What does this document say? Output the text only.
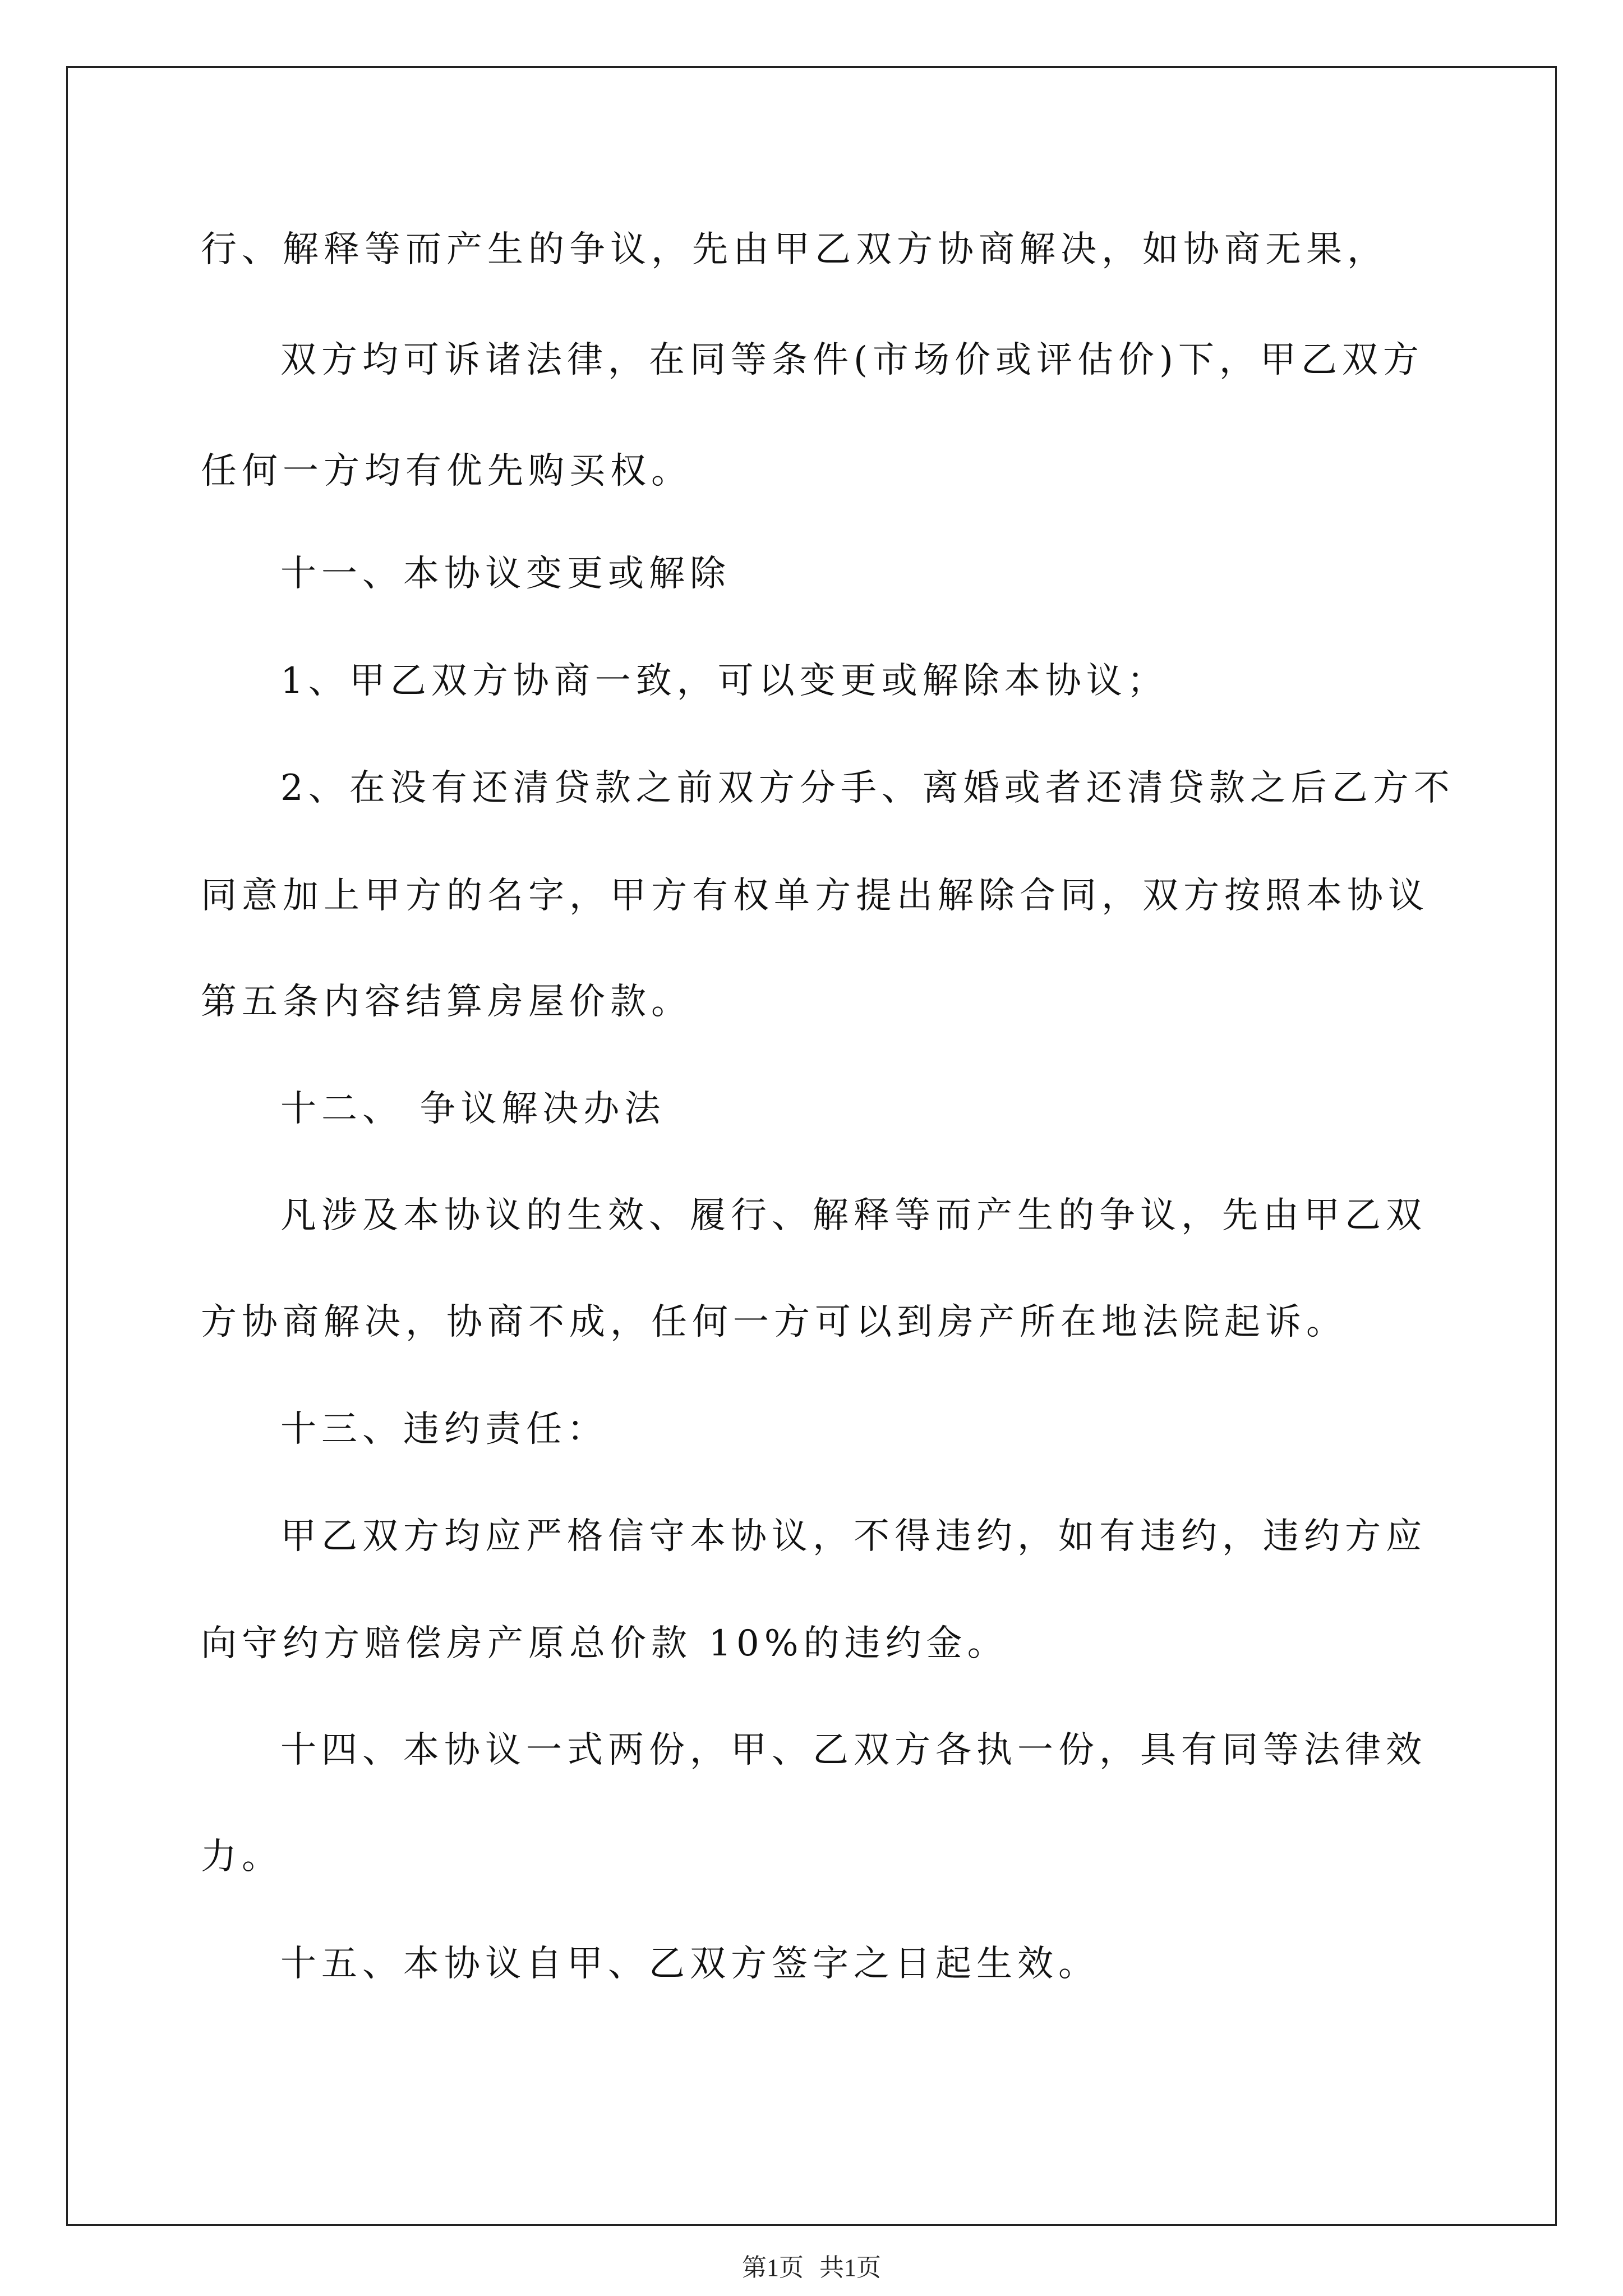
行、解释等而产生的争议，先由甲乙双方协商解决，如协商无果，
双方均可诉诸法律，在同等条件(市场价或评估价)下，甲乙双方
任何一方均有优先购买权。
十一、本协议变更或解除
1、甲乙双方协商一致，可以变更或解除本协议；
2、在没有还清贷款之前双方分手、离婚或者还清贷款之后乙方不
同意加上甲方的名字，甲方有权单方提出解除合同，双方按照本协议
第五条内容结算房屋价款。
十二、 争议解决办法
凡涉及本协议的生效、履行、解释等而产生的争议，先由甲乙双
方协商解决，协商不成，任何一方可以到房产所在地法院起诉。
十三、违约责任：
甲乙双方均应严格信守本协议，不得违约，如有违约，违约方应
向守约方赔偿房产原总价款 10%的违约金。
十四、本协议一式两份，甲、乙双方各执一份，具有同等法律效
力。
十五、本协议自甲、乙双方签字之日起生效。
第1页 共1页
